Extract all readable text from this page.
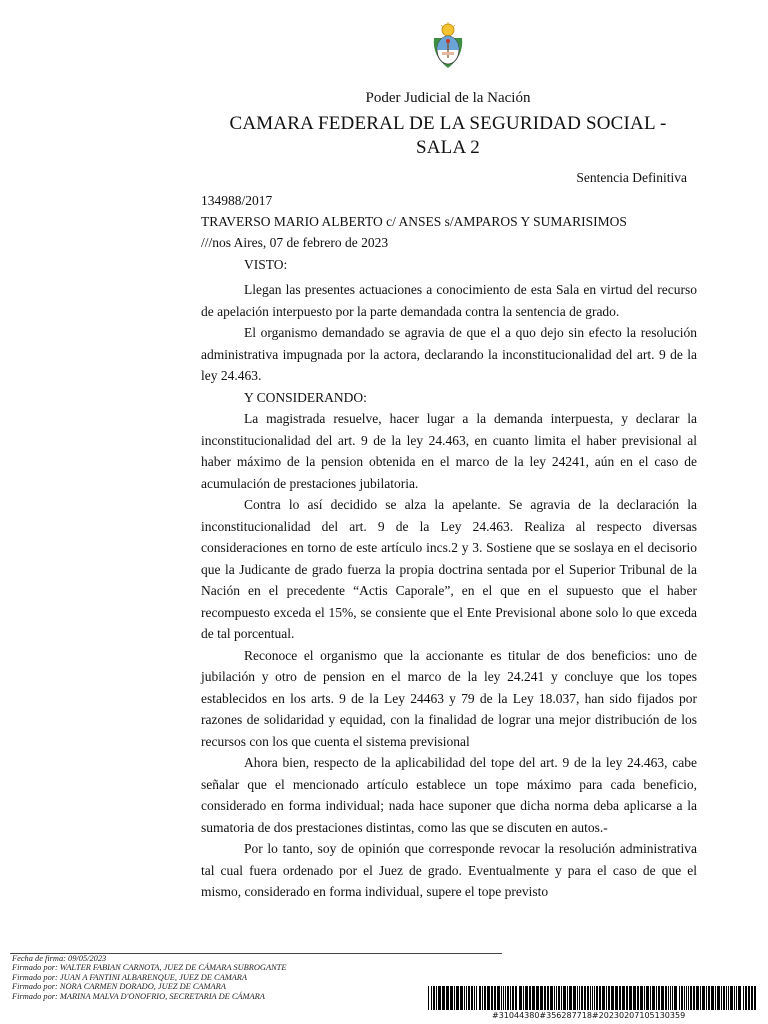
Poder Judicial de la Nación
CAMARA FEDERAL DE LA SEGURIDAD SOCIAL -
SALA 2
Sentencia Definitiva
134988/2017
TRAVERSO MARIO ALBERTO c/ ANSES s/AMPAROS Y SUMARISIMOS
///nos Aires, 07 de febrero de 2023
VISTO:

Llegan las presentes actuaciones a conocimiento de esta Sala en virtud del recurso de apelación interpuesto por la parte demandada contra la sentencia de grado.

El organismo demandado se agravia de que el a quo dejo sin efecto la resolución administrativa impugnada por la actora, declarando la inconstitucionalidad del art. 9 de la ley 24.463.

Y CONSIDERANDO:

La magistrada resuelve, hacer lugar a la demanda interpuesta, y declarar la inconstitucionalidad del art. 9 de la ley 24.463, en cuanto limita el haber previsional al haber máximo de la pension obtenida en el marco de la ley 24241, aún en el caso de acumulación de prestaciones jubilatoria.

Contra lo así decidido se alza la apelante. Se agravia de la declaración la inconstitucionalidad del art. 9 de la Ley 24.463. Realiza al respecto diversas consideraciones en torno de este artículo incs.2 y 3. Sostiene que se soslaya en el decisorio que la Judicante de grado fuerza la propia doctrina sentada por el Superior Tribunal de la Nación en el precedente “Actis Caporale”, en el que en el supuesto que el haber recompuesto exceda el 15%, se consiente que el Ente Previsional abone solo lo que exceda de tal porcentual.

Reconoce el organismo que la accionante es titular de dos beneficios: uno de jubilación y otro de pension en el marco de la ley 24.241 y concluye que los topes establecidos en los arts. 9 de la Ley 24463 y 79 de la Ley 18.037, han sido fijados por razones de solidaridad y equidad, con la finalidad de lograr una mejor distribución de los recursos con los que cuenta el sistema previsional

Ahora bien, respecto de la aplicabilidad del tope del art. 9 de la ley 24.463, cabe señalar que el mencionado artículo establece un tope máximo para cada beneficio, considerado en forma individual; nada hace suponer que dicha norma deba aplicarse a la sumatoria de dos prestaciones distintas, como las que se discuten en autos.-

Por lo tanto, soy de opinión que corresponde revocar la resolución administrativa tal cual fuera ordenado por el Juez de grado. Eventualmente y para el caso de que el mismo, considerado en forma individual, supere el tope previsto

Fecha de firma: 09/05/2023
Firmado por: WALTER FABIAN CARNOTA, JUEZ DE CÁMARA SUBROGANTE
Firmado por: JUAN A FANTINI ALBARENQUE, JUEZ DE CAMARA
Firmado por: NORA CARMEN DORADO, JUEZ DE CAMARA
Firmado por: MARINA MALVA D'ONOFRIO, SECRETARIA DE CÁMARA
#31044380#356287718#20230207105130359
